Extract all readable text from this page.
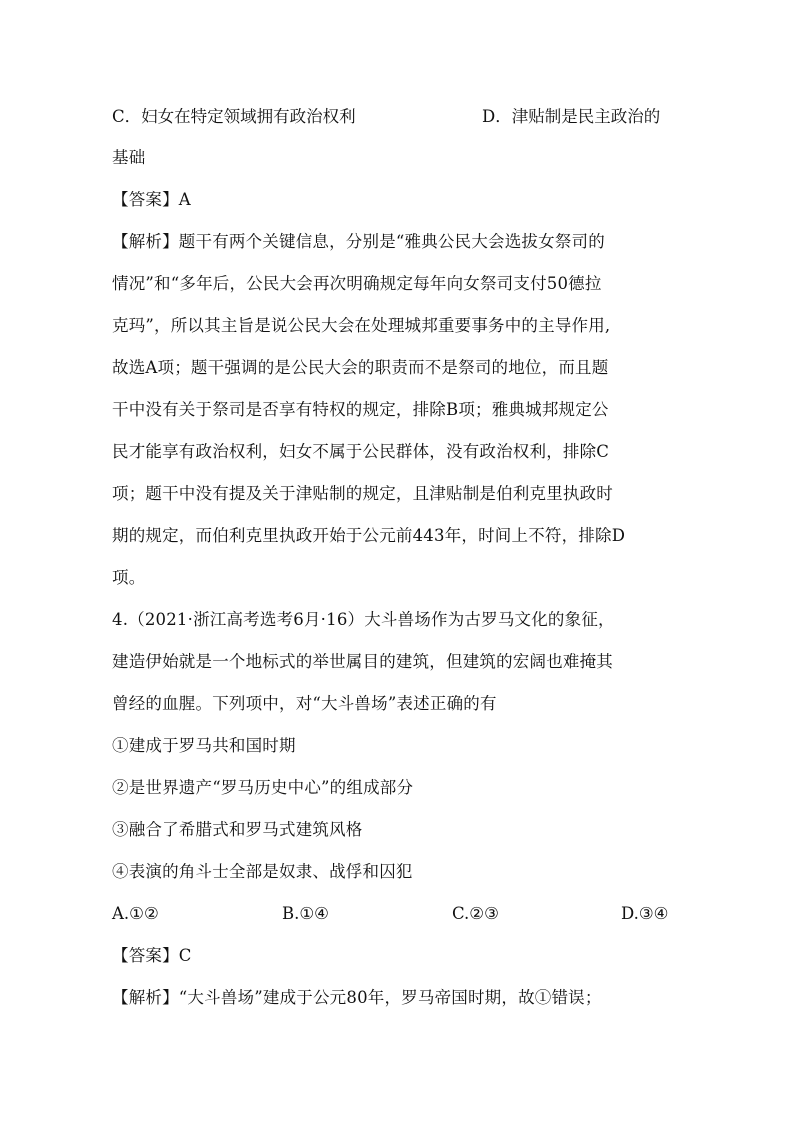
C．妇女在特定领域拥有政治权利	D．津贴制是民主政治的
基础
【答案】A
【解析】题干有两个关键信息，分别是“雅典公民大会选拔女祭司的
情况”和“多年后，公民大会再次明确规定每年向女祭司支付50德拉
克玛”，所以其主旨是说公民大会在处理城邦重要事务中的主导作用,
故选A项；题干强调的是公民大会的职责而不是祭司的地位，而且题
干中没有关于祭司是否享有特权的规定，排除B项；雅典城邦规定公
民才能享有政治权利，妇女不属于公民群体，没有政治权利，排除C
项；题干中没有提及关于津贴制的规定，且津贴制是伯利克里执政时
期的规定，而伯利克里执政开始于公元前443年，时间上不符，排除D
项。
4.（2021·浙江高考选考6月·16）大斗兽场作为古罗马文化的象征，
建造伊始就是一个地标式的举世属目的建筑，但建筑的宏阔也难掩其
曾经的血腥。下列项中，对“大斗兽场”表述正确的有
①建成于罗马共和国时期
②是世界遗产“罗马历史中心”的组成部分
③融合了希腊式和罗马式建筑风格
④表演的角斗士全部是奴隶、战俘和囚犯
A.①②	B.①④	C.②③	D.③④
【答案】C
【解析】“大斗兽场”建成于公元80年，罗马帝国时期，故①错误；
